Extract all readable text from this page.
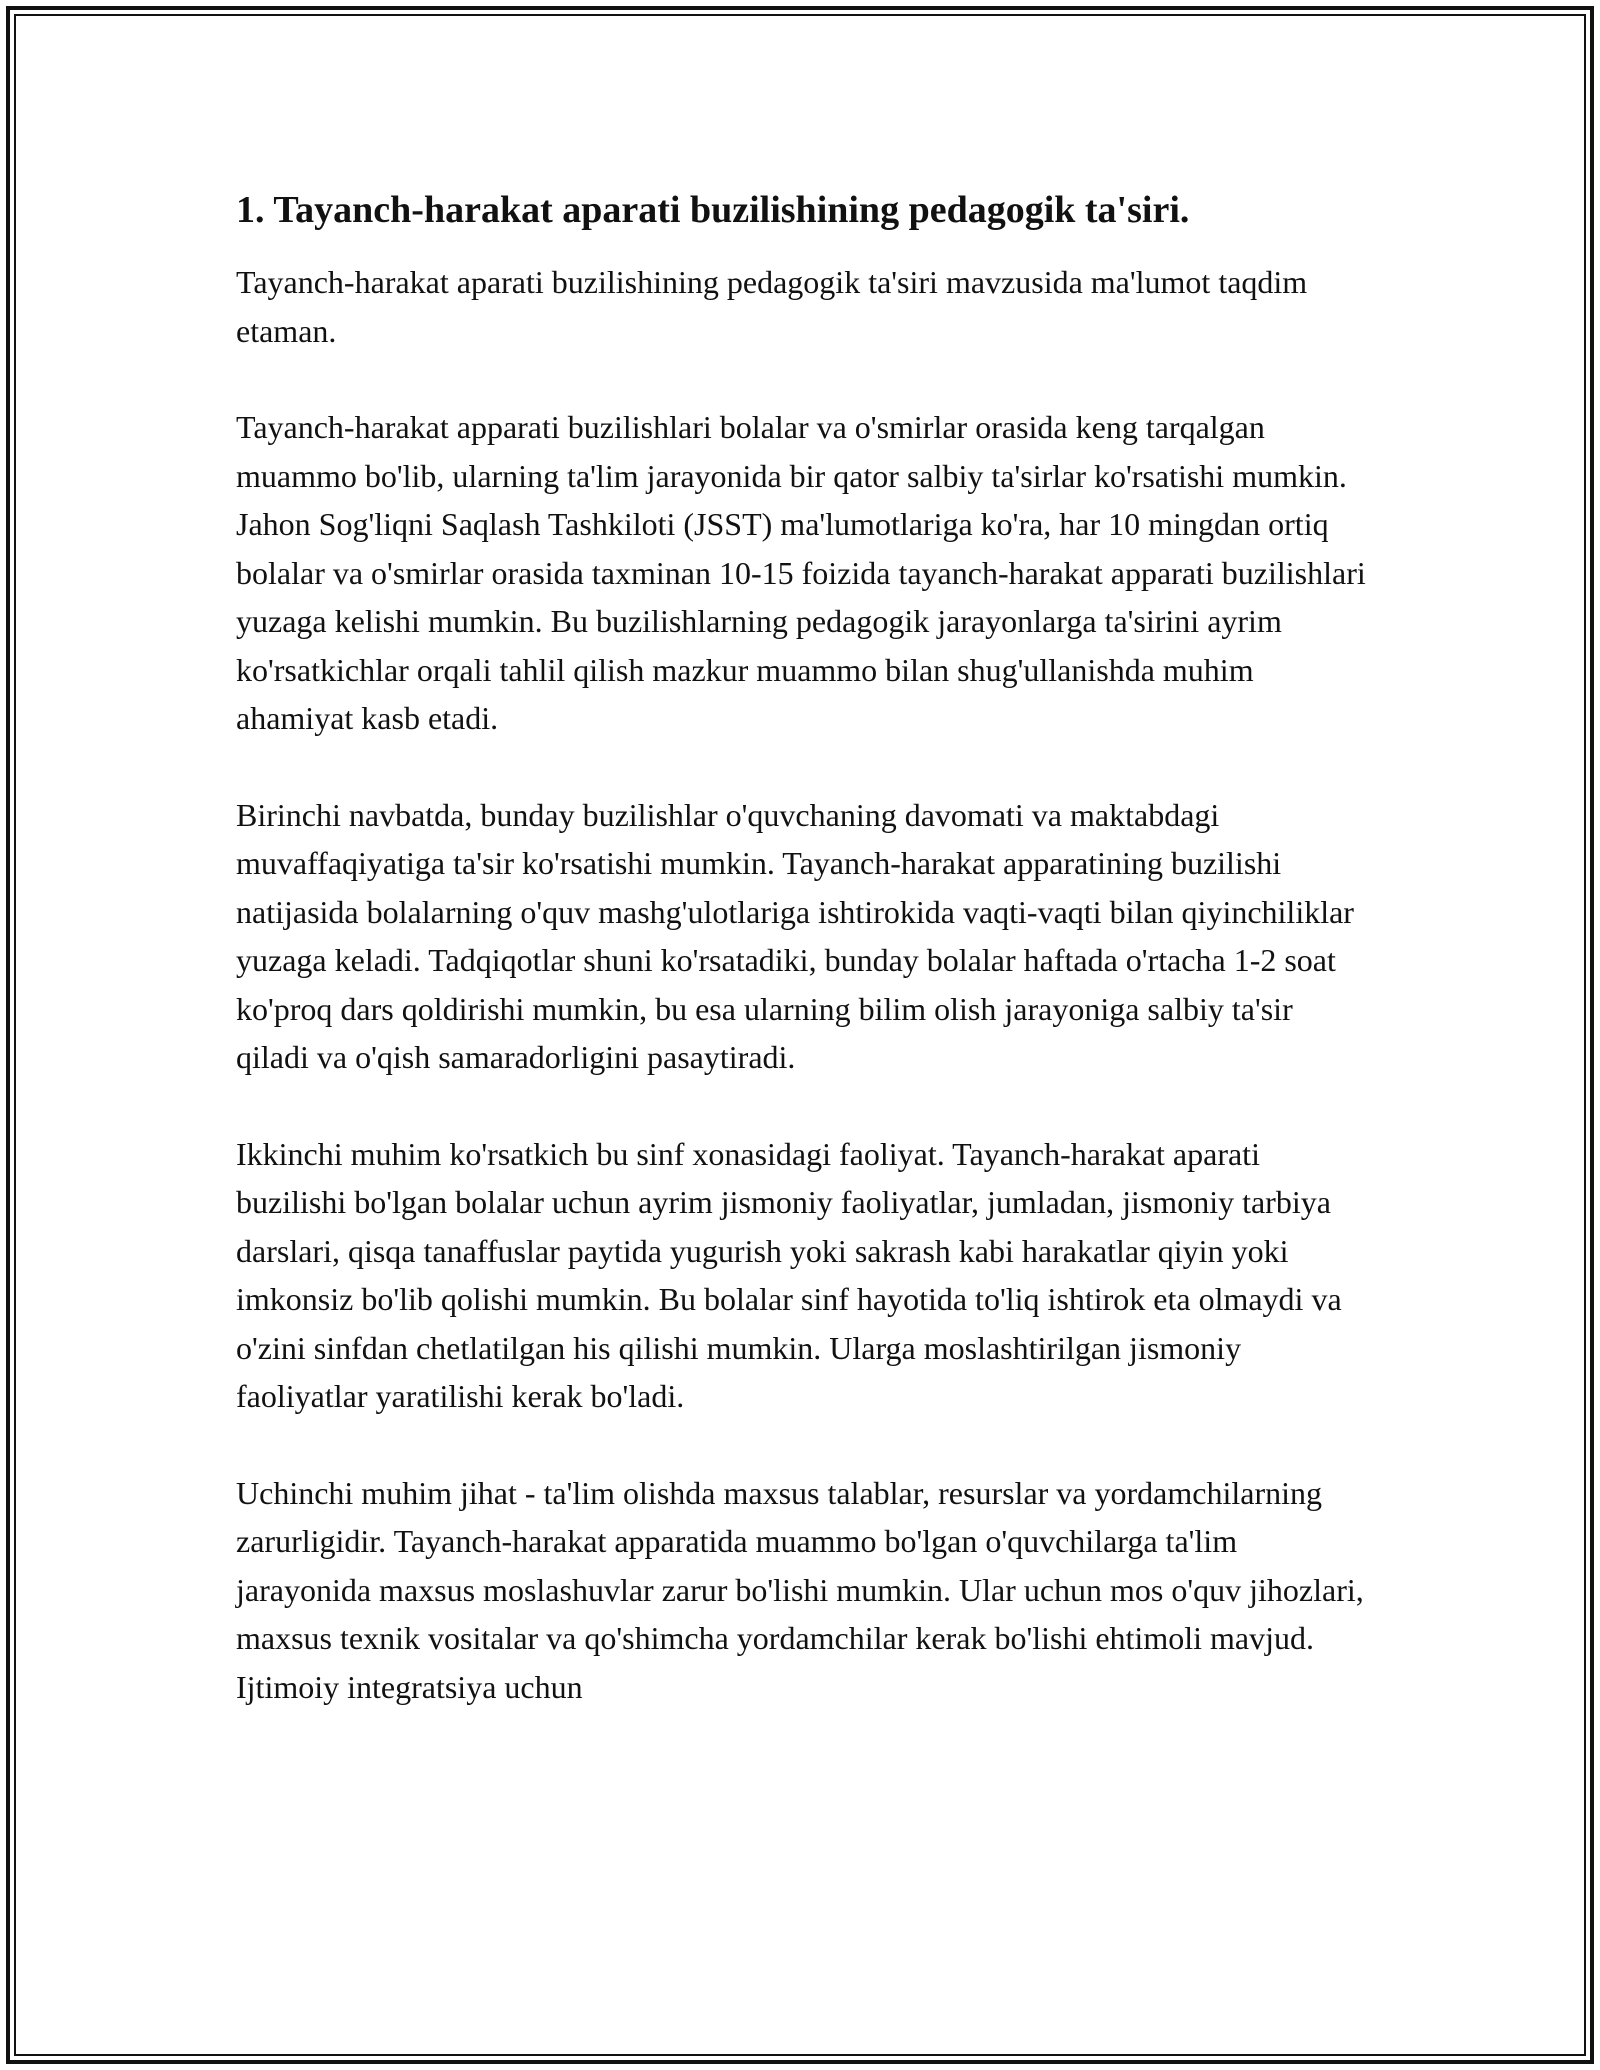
1. Tayanch-harakat aparati buzilishining pedagogik ta'siri.

Tayanch-harakat aparati buzilishining pedagogik ta'siri mavzusida ma'lumot taqdim etaman.

Tayanch-harakat apparati buzilishlari bolalar va o'smirlar orasida keng tarqalgan muammo bo'lib, ularning ta'lim jarayonida bir qator salbiy ta'sirlar ko'rsatishi mumkin. Jahon Sog'liqni Saqlash Tashkiloti (JSST) ma'lumotlariga ko'ra, har 10 mingdan ortiq bolalar va o'smirlar orasida taxminan 10-15 foizida tayanch-harakat apparati buzilishlari yuzaga kelishi mumkin. Bu buzilishlarning pedagogik jarayonlarga ta'sirini ayrim ko'rsatkichlar orqali tahlil qilish mazkur muammo bilan shug'ullanishda muhim ahamiyat kasb etadi.

Birinchi navbatda, bunday buzilishlar o'quvchaning davomati va maktabdagi muvaffaqiyatiga ta'sir ko'rsatishi mumkin. Tayanch-harakat apparatining buzilishi natijasida bolalarning o'quv mashg'ulotlariga ishtirokida vaqti-vaqti bilan qiyinchiliklar yuzaga keladi. Tadqiqotlar shuni ko'rsatadiki, bunday bolalar haftada o'rtacha 1-2 soat ko'proq dars qoldirishi mumkin, bu esa ularning bilim olish jarayoniga salbiy ta'sir qiladi va o'qish samaradorligini pasaytiradi.

Ikkinchi muhim ko'rsatkich bu sinf xonasidagi faoliyat. Tayanch-harakat aparati buzilishi bo'lgan bolalar uchun ayrim jismoniy faoliyatlar, jumladan, jismoniy tarbiya darslari, qisqa tanaffuslar paytida yugurish yoki sakrash kabi harakatlar qiyin yoki imkonsiz bo'lib qolishi mumkin. Bu bolalar sinf hayotida to'liq ishtirok eta olmaydi va o'zini sinfdan chetlatilgan his qilishi mumkin. Ularga moslashtirilgan jismoniy faoliyatlar yaratilishi kerak bo'ladi.

Uchinchi muhim jihat - ta'lim olishda maxsus talablar, resurslar va yordamchilarning zarurligidir. Tayanch-harakat apparatida muammo bo'lgan o'quvchilarga ta'lim jarayonida maxsus moslashuvlar zarur bo'lishi mumkin. Ular uchun mos o'quv jihozlari, maxsus texnik vositalar va qo'shimcha yordamchilar kerak bo'lishi ehtimoli mavjud. Ijtimoiy integratsiya uchun
